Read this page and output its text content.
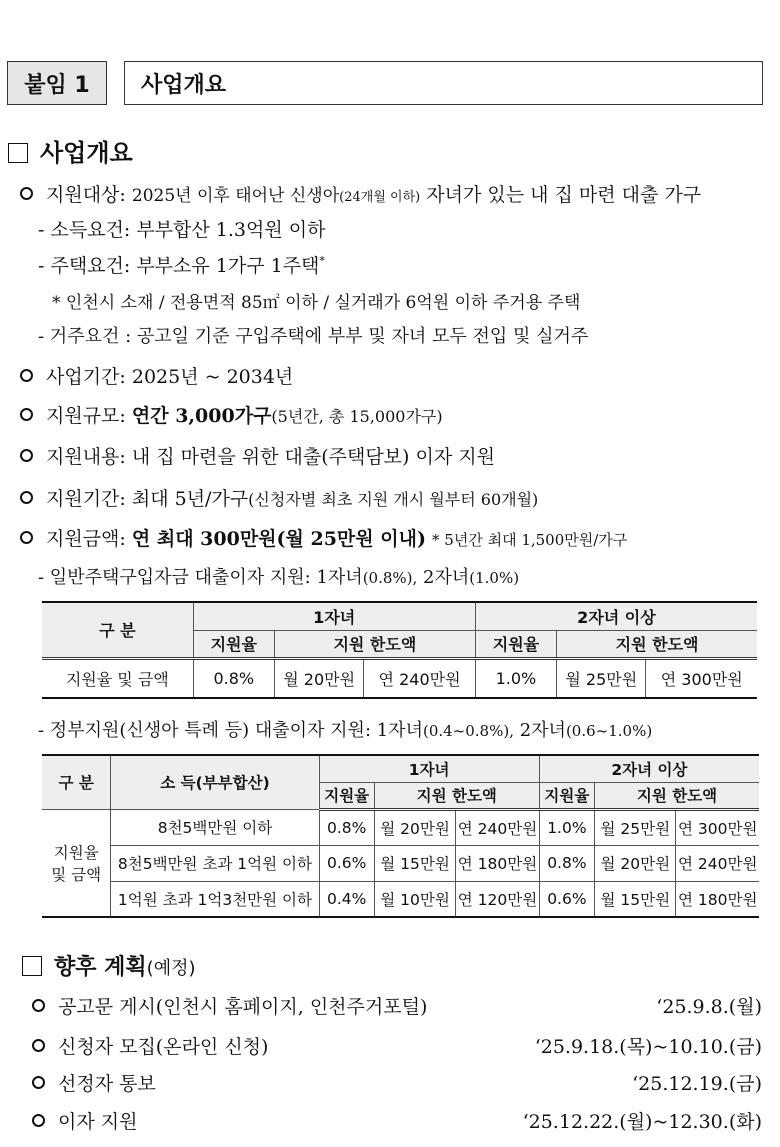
붙임 1 사업개요
사업개요
지원대상: 2025년 이후 태어난 신생아(24개월 이하) 자녀가 있는 내 집 마련 대출 가구
- 소득요건: 부부합산 1.3억원 이하
- 주택요건: 부부소유 1가구 1주택*
* 인천시 소재 / 전용면적 85㎡ 이하 / 실거래가 6억원 이하 주거용 주택
- 거주요건 : 공고일 기준 구입주택에 부부 및 자녀 모두 전입 및 실거주
사업기간: 2025년 ~ 2034년
지원규모: 연간 3,000가구(5년간, 총 15,000가구)
지원내용: 내 집 마련을 위한 대출(주택담보) 이자 지원
지원기간: 최대 5년/가구(신청자별 최초 지원 개시 월부터 60개월)
지원금액: 연 최대 300만원(월 25만원 이내) * 5년간 최대 1,500만원/가구
- 일반주택구입자금 대출이자 지원: 1자녀(0.8%), 2자녀(1.0%)
구 분	1자녀			2자녀 이상		
	지원율	지원 한도액		지원율	지원 한도액	
지원율 및 금액	0.8%	월 20만원	연 240만원	1.0%	월 25만원	연 300만원
- 정부지원(신생아 특례 등) 대출이자 지원: 1자녀(0.4~0.8%), 2자녀(0.6~1.0%)
구 분	소 득(부부합산)	1자녀			2자녀 이상		
		지원율	지원 한도액		지원율	지원 한도액	

지원율
및 금액	8천5백만원 이하	0.8%	월 20만원	연 240만원	1.0%	월 25만원	연 300만원
	8천5백만원 초과 1억원 이하	0.6%	월 15만원	연 180만원	0.8%	월 20만원	연 240만원
	1억원 초과 1억3천만원 이하	0.4%	월 10만원	연 120만원	0.6%	월 15만원	연 180만원
향후 계획(예정)
공고문 게시(인천시 홈페이지, 인천주거포털)	‘25.9.8.(월)
신청자 모집(온라인 신청)	‘25.9.18.(목)~10.10.(금)
선정자 통보	‘25.12.19.(금)
이자 지원	‘25.12.22.(월)~12.30.(화)
